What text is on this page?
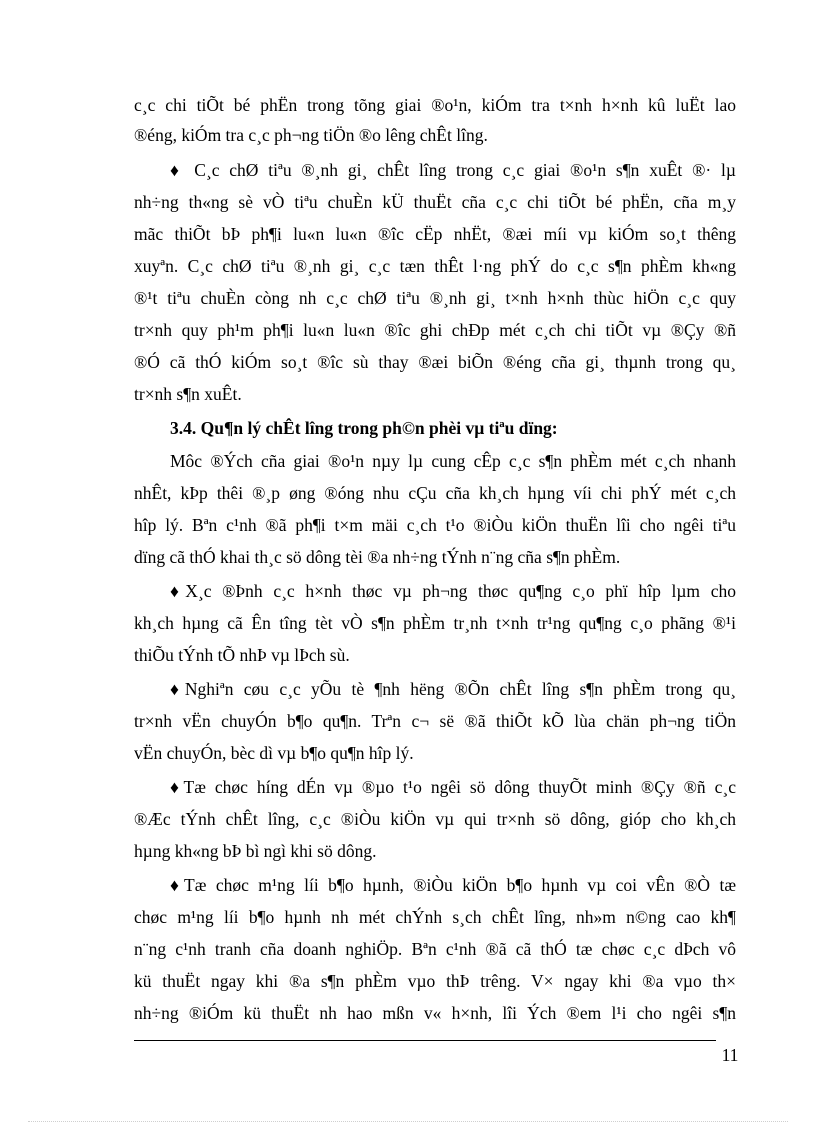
c¸c chi tiÕt bé phËn trong tõng giai ®o¹n, kiÓm tra t×nh h×nh kû luËt lao
®éng, kiÓm tra c¸c ph¬ng tiÖn ®o lêng chÊt lîng.
♦ C¸c chØ tiªu ®¸nh gi¸ chÊt lîng trong c¸c giai ®o¹n s¶n xuÊt ®· lµ
nh÷ng th«ng sè vÒ tiªu chuÈn kÜ thuËt cña c¸c chi tiÕt bé phËn, cña m¸y
mãc thiÕt bÞ ph¶i lu«n lu«n ®îc cËp nhËt, ®æi míi vµ kiÓm so¸t thêng
xuyªn. C¸c chØ tiªu ®¸nh gi¸ c¸c tæn thÊt l·ng phÝ do c¸c s¶n phÈm kh«ng
®¹t tiªu chuÈn còng nh c¸c chØ tiªu ®¸nh gi¸ t×nh h×nh thùc hiÖn c¸c quy
tr×nh quy ph¹m ph¶i lu«n lu«n ®îc ghi chÐp mét c¸ch chi tiÕt vµ ®Çy ®ñ
®Ó cã thÓ kiÓm so¸t ®îc sù thay ®æi biÕn ®éng cña gi¸ thµnh trong qu¸
tr×nh s¶n xuÊt.
3.4. Qu¶n lý chÊt lîng trong ph©n phèi vµ tiªu dïng:
Môc ®Ých cña giai ®o¹n nµy lµ cung cÊp c¸c s¶n phÈm mét c¸ch nhanh
nhÊt, kÞp thêi ®¸p øng ®óng nhu cÇu cña kh¸ch hµng víi chi phÝ mét c¸ch
hîp lý. Bªn c¹nh ®ã ph¶i t×m mäi c¸ch t¹o ®iÒu kiÖn thuËn lîi cho ngêi tiªu
dïng cã thÓ khai th¸c sö dông tèi ®a nh÷ng tÝnh n¨ng cña s¶n phÈm.
♦X¸c ®Þnh c¸c h×nh thøc vµ ph¬ng thøc qu¶ng c¸o phï hîp lµm cho
kh¸ch hµng cã Ên tîng tèt vÒ s¶n phÈm tr¸nh t×nh tr¹ng qu¶ng c¸o phãng ®¹i
thiÕu tÝnh tÕ nhÞ vµ lÞch sù.
♦Nghiªn cøu c¸c yÕu tè ¶nh hëng ®Õn chÊt lîng s¶n phÈm trong qu¸
tr×nh vËn chuyÓn b¶o qu¶n. Trªn c¬ së ®ã thiÕt kÕ lùa chän ph¬ng tiÖn
vËn chuyÓn, bèc dì vµ b¶o qu¶n hîp lý.
♦Tæ chøc híng dÉn vµ ®µo t¹o ngêi sö dông thuyÕt minh ®Çy ®ñ c¸c
®Æc tÝnh chÊt lîng, c¸c ®iÒu kiÖn vµ qui tr×nh sö dông, gióp cho kh¸ch
hµng kh«ng bÞ bì ngì khi sö dông.
♦Tæ chøc m¹ng líi b¶o hµnh, ®iÒu kiÖn b¶o hµnh vµ coi vÊn ®Ò tæ
chøc m¹ng líi b¶o hµnh nh mét chÝnh s¸ch chÊt lîng, nh»m n©ng cao kh¶
n¨ng c¹nh tranh cña doanh nghiÖp. Bªn c¹nh ®ã cã thÓ tæ chøc c¸c dÞch vô
kü thuËt ngay khi ®a s¶n phÈm vµo thÞ trêng. V× ngay khi ®a vµo th×
nh÷ng ®iÓm kü thuËt nh hao mßn v« h×nh, lîi Ých ®em l¹i cho ngêi s¶n
11
